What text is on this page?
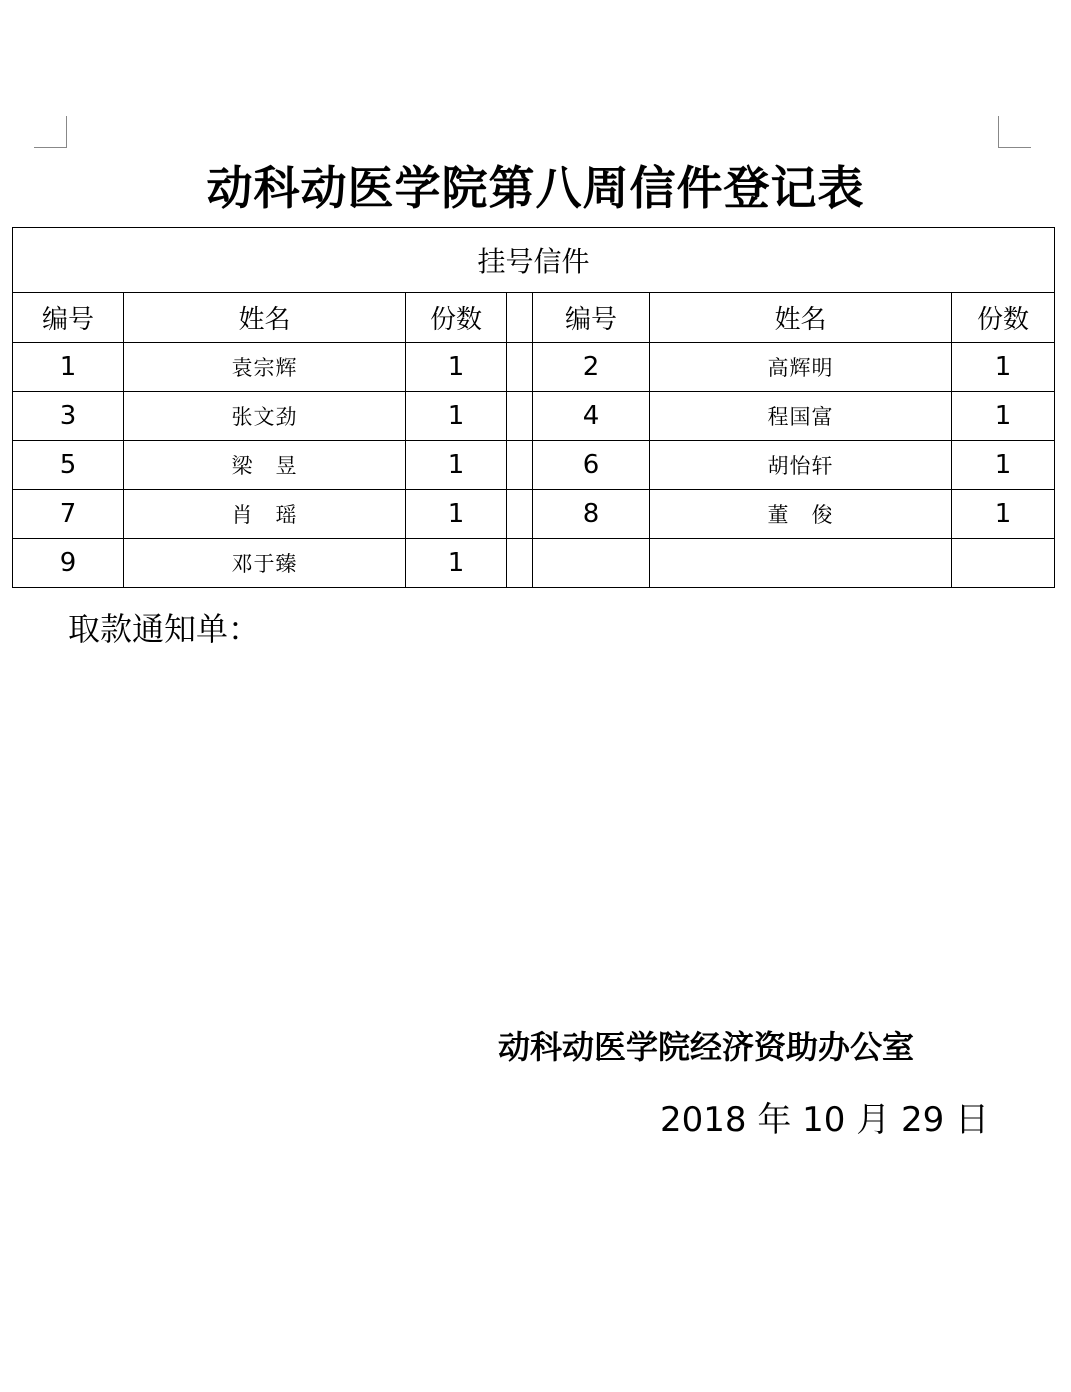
动科动医学院第八周信件登记表
挂号信件						
编号	姓名	份数		编号	姓名	份数
1	袁宗辉	1		2	高辉明	1
3	张文劲	1		4	程国富	1
5	梁　昱	1		6	胡怡轩	1
7	肖　瑶	1		8	董　俊	1
9	邓于臻	1				
取款通知单：
动科动医学院经济资助办公室
2018 年 10 月 29 日
